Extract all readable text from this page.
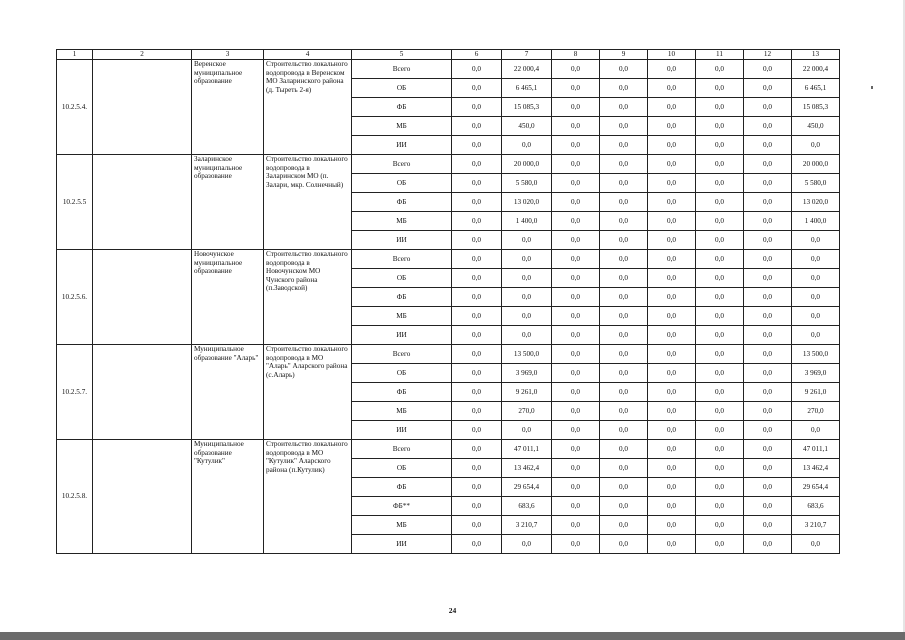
1	2	3	4	5	6	7	8	9	10	11	12	13
10.2.5.4.		Веренское муниципальное образование	Строительство локального водопровода в Веренском МО Заларинского района (д. Тыреть 2-я)	Всего	0,0	22 000,4	0,0	0,0	0,0	0,0	0,0	22 000,4
				ОБ	0,0	6 465,1	0,0	0,0	0,0	0,0	0,0	6 465,1
				ФБ	0,0	15 085,3	0,0	0,0	0,0	0,0	0,0	15 085,3
				МБ	0,0	450,0	0,0	0,0	0,0	0,0	0,0	450,0
				ИИ	0,0	0,0	0,0	0,0	0,0	0,0	0,0	0,0
10.2.5.5		Заларинское муниципальное образование	Строительство локального водопровода в Заларинском МО (п. Залари, мкр. Солнечный)	Всего	0,0	20 000,0	0,0	0,0	0,0	0,0	0,0	20 000,0
				ОБ	0,0	5 580,0	0,0	0,0	0,0	0,0	0,0	5 580,0
				ФБ	0,0	13 020,0	0,0	0,0	0,0	0,0	0,0	13 020,0
				МБ	0,0	1 400,0	0,0	0,0	0,0	0,0	0,0	1 400,0
				ИИ	0,0	0,0	0,0	0,0	0,0	0,0	0,0	0,0
10.2.5.6.		Новочунское муниципальное образование	Строительство локального водопровода в Новочунском МО Чунского района (п.Заводской)	Всего	0,0	0,0	0,0	0,0	0,0	0,0	0,0	0,0
				ОБ	0,0	0,0	0,0	0,0	0,0	0,0	0,0	0,0
				ФБ	0,0	0,0	0,0	0,0	0,0	0,0	0,0	0,0
				МБ	0,0	0,0	0,0	0,0	0,0	0,0	0,0	0,0
				ИИ	0,0	0,0	0,0	0,0	0,0	0,0	0,0	0,0
10.2.5.7.		Муниципальное образование "Аларь"	Строительство локального водопровода в МО "Аларь" Аларского района (с.Аларь)	Всего	0,0	13 500,0	0,0	0,0	0,0	0,0	0,0	13 500,0
				ОБ	0,0	3 969,0	0,0	0,0	0,0	0,0	0,0	3 969,0
				ФБ	0,0	9 261,0	0,0	0,0	0,0	0,0	0,0	9 261,0
				МБ	0,0	270,0	0,0	0,0	0,0	0,0	0,0	270,0
				ИИ	0,0	0,0	0,0	0,0	0,0	0,0	0,0	0,0
10.2.5.8.		Муниципальное образование "Кутулик"	Строительство локального водопровода в МО "Кутулик" Аларского района (п.Кутулик)	Всего	0,0	47 011,1	0,0	0,0	0,0	0,0	0,0	47 011,1
				ОБ	0,0	13 462,4	0,0	0,0	0,0	0,0	0,0	13 462,4
				ФБ	0,0	29 654,4	0,0	0,0	0,0	0,0	0,0	29 654,4
				ФБ**	0,0	683,6	0,0	0,0	0,0	0,0	0,0	683,6
				МБ	0,0	3 210,7	0,0	0,0	0,0	0,0	0,0	3 210,7
				ИИ	0,0	0,0	0,0	0,0	0,0	0,0	0,0	0,0
24
